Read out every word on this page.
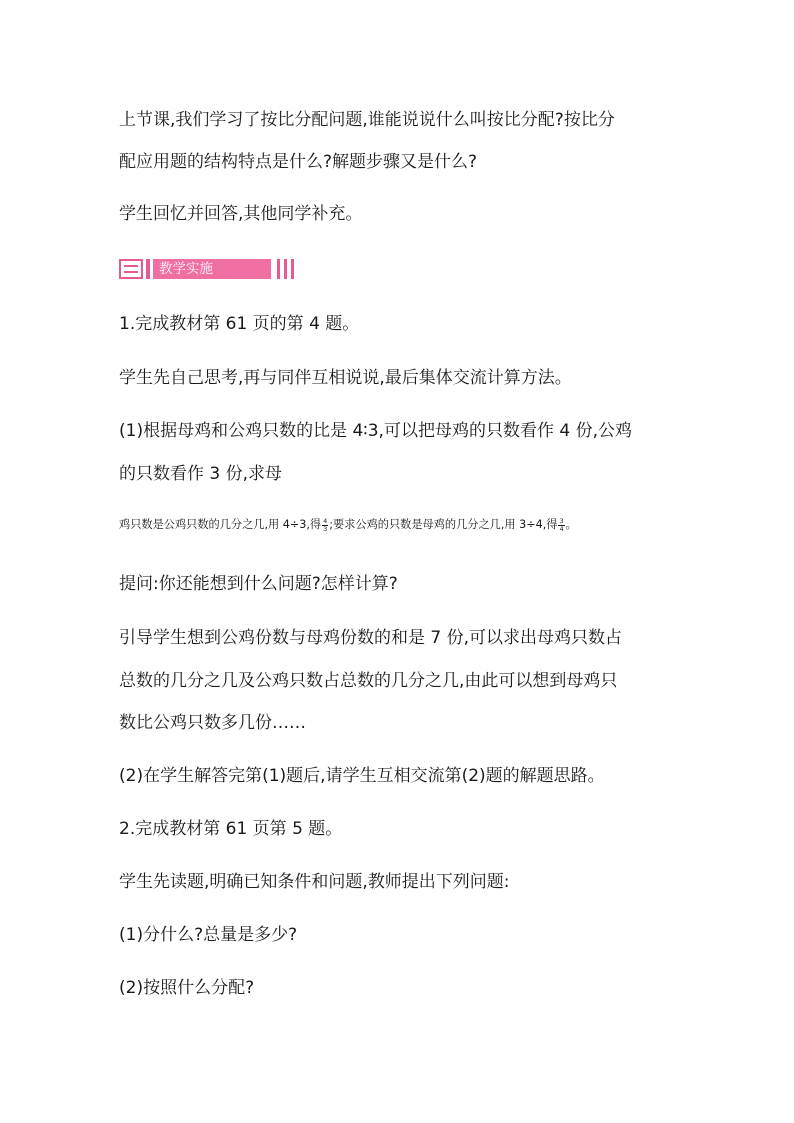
上节课,我们学习了按比分配问题,谁能说说什么叫按比分配?按比分

配应用题的结构特点是什么?解题步骤又是什么?

学生回忆并回答,其他同学补充。

教学实施

1.完成教材第 61 页的第 4 题。

学生先自己思考,再与同伴互相说说,最后集体交流计算方法。

(1)根据母鸡和公鸡只数的比是 4∶3,可以把母鸡的只数看作 4 份,公鸡

的只数看作 3 份,求母

鸡只数是公鸡只数的几分之几,用 4÷3,得 $\frac{4}{3}$ ;要求公鸡的只数是母鸡的几分之几,用 3÷4,得 $\frac{3}{4}$ 。

提问:你还能想到什么问题?怎样计算?

引导学生想到公鸡份数与母鸡份数的和是 7 份,可以求出母鸡只数占

总数的几分之几及公鸡只数占总数的几分之几,由此可以想到母鸡只

数比公鸡只数多几份……

(2)在学生解答完第(1)题后,请学生互相交流第(2)题的解题思路。

2.完成教材第 61 页第 5 题。

学生先读题,明确已知条件和问题,教师提出下列问题:

(1)分什么?总量是多少?

(2)按照什么分配?
